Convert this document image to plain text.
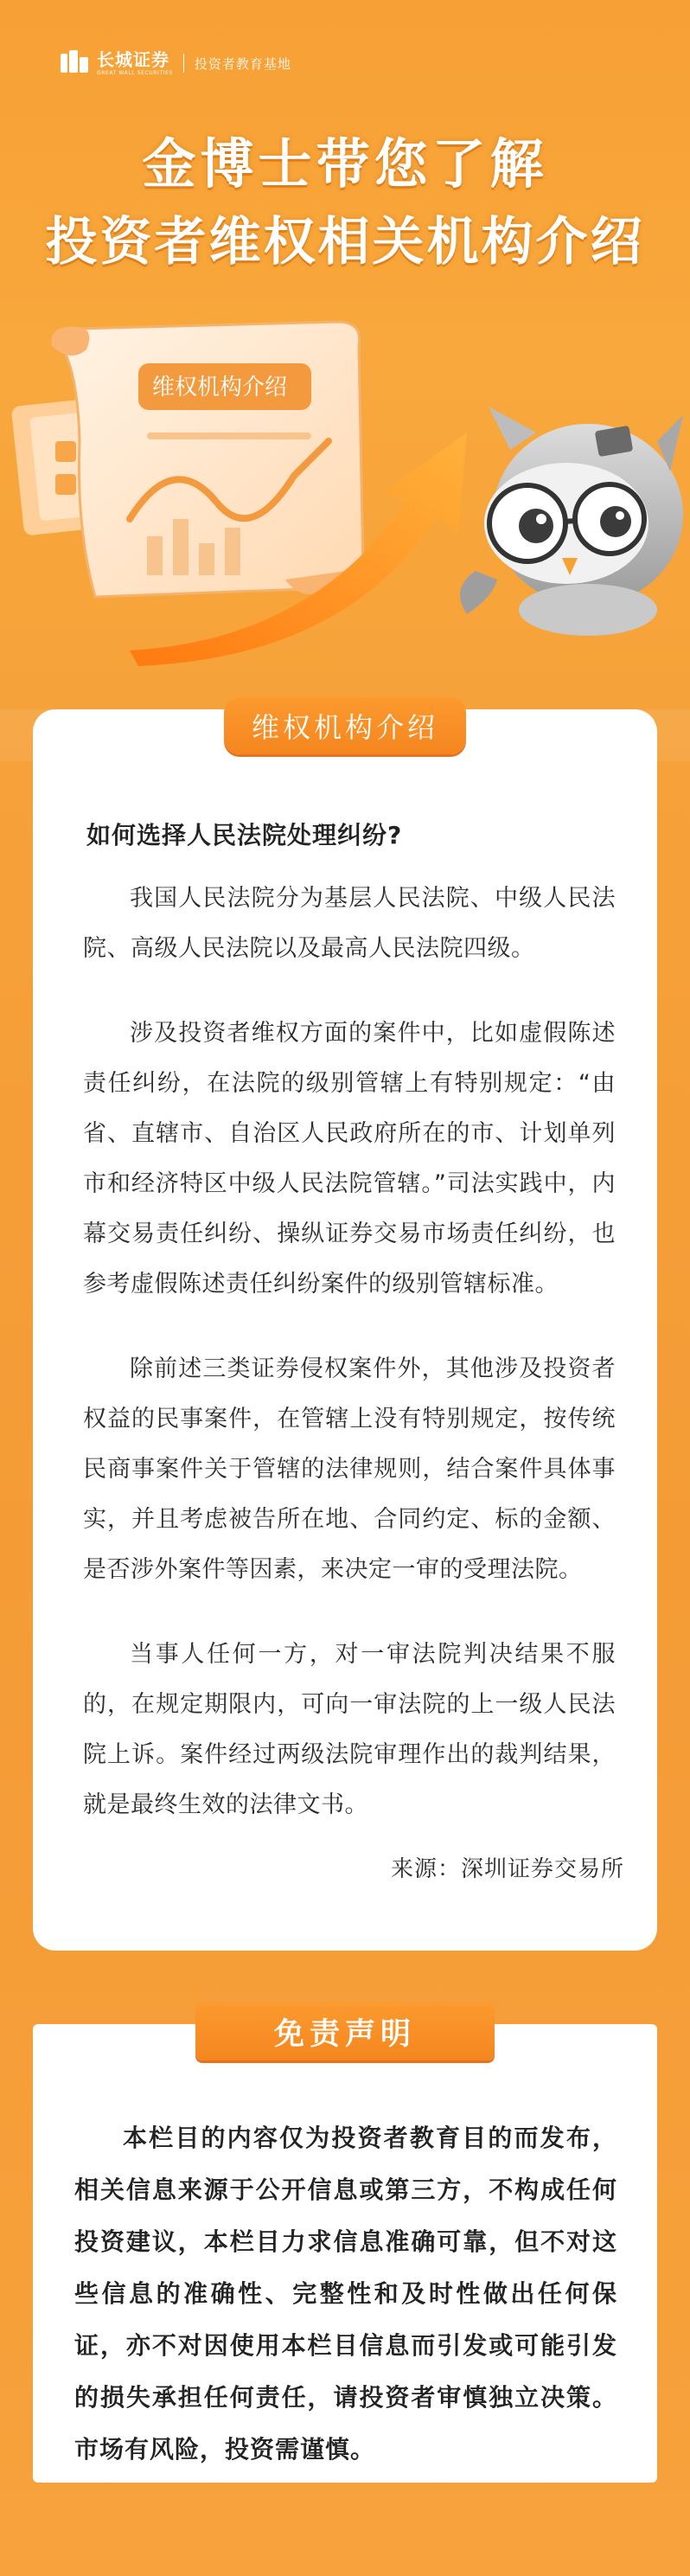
长城证券
GREAT WALL SECURITIES
投资者教育基地
金博士带您了解
投资者维权相关机构介绍
维权机构介绍
维权机构介绍
如何选择人民法院处理纠纷?

我国人民法院分为基层人民法院、中级人民法院、高级人民法院以及最高人民法院四级。

涉及投资者维权方面的案件中，比如虚假陈述责任纠纷，在法院的级别管辖上有特别规定：“由省、直辖市、自治区人民政府所在的市、计划单列市和经济特区中级人民法院管辖。”司法实践中，内幕交易责任纠纷、操纵证券交易市场责任纠纷，也参考虚假陈述责任纠纷案件的级别管辖标准。

除前述三类证券侵权案件外，其他涉及投资者权益的民事案件，在管辖上没有特别规定，按传统民商事案件关于管辖的法律规则，结合案件具体事实，并且考虑被告所在地、合同约定、标的金额、是否涉外案件等因素，来决定一审的受理法院。

当事人任何一方，对一审法院判决结果不服的，在规定期限内，可向一审法院的上一级人民法院上诉。案件经过两级法院审理作出的裁判结果，就是最终生效的法律文书。

来源：深圳证券交易所
免责声明
本栏目的内容仅为投资者教育目的而发布，相关信息来源于公开信息或第三方，不构成任何投资建议，本栏目力求信息准确可靠，但不对这些信息的准确性、完整性和及时性做出任何保证，亦不对因使用本栏目信息而引发或可能引发的损失承担任何责任，请投资者审慎独立决策。市场有风险，投资需谨慎。
